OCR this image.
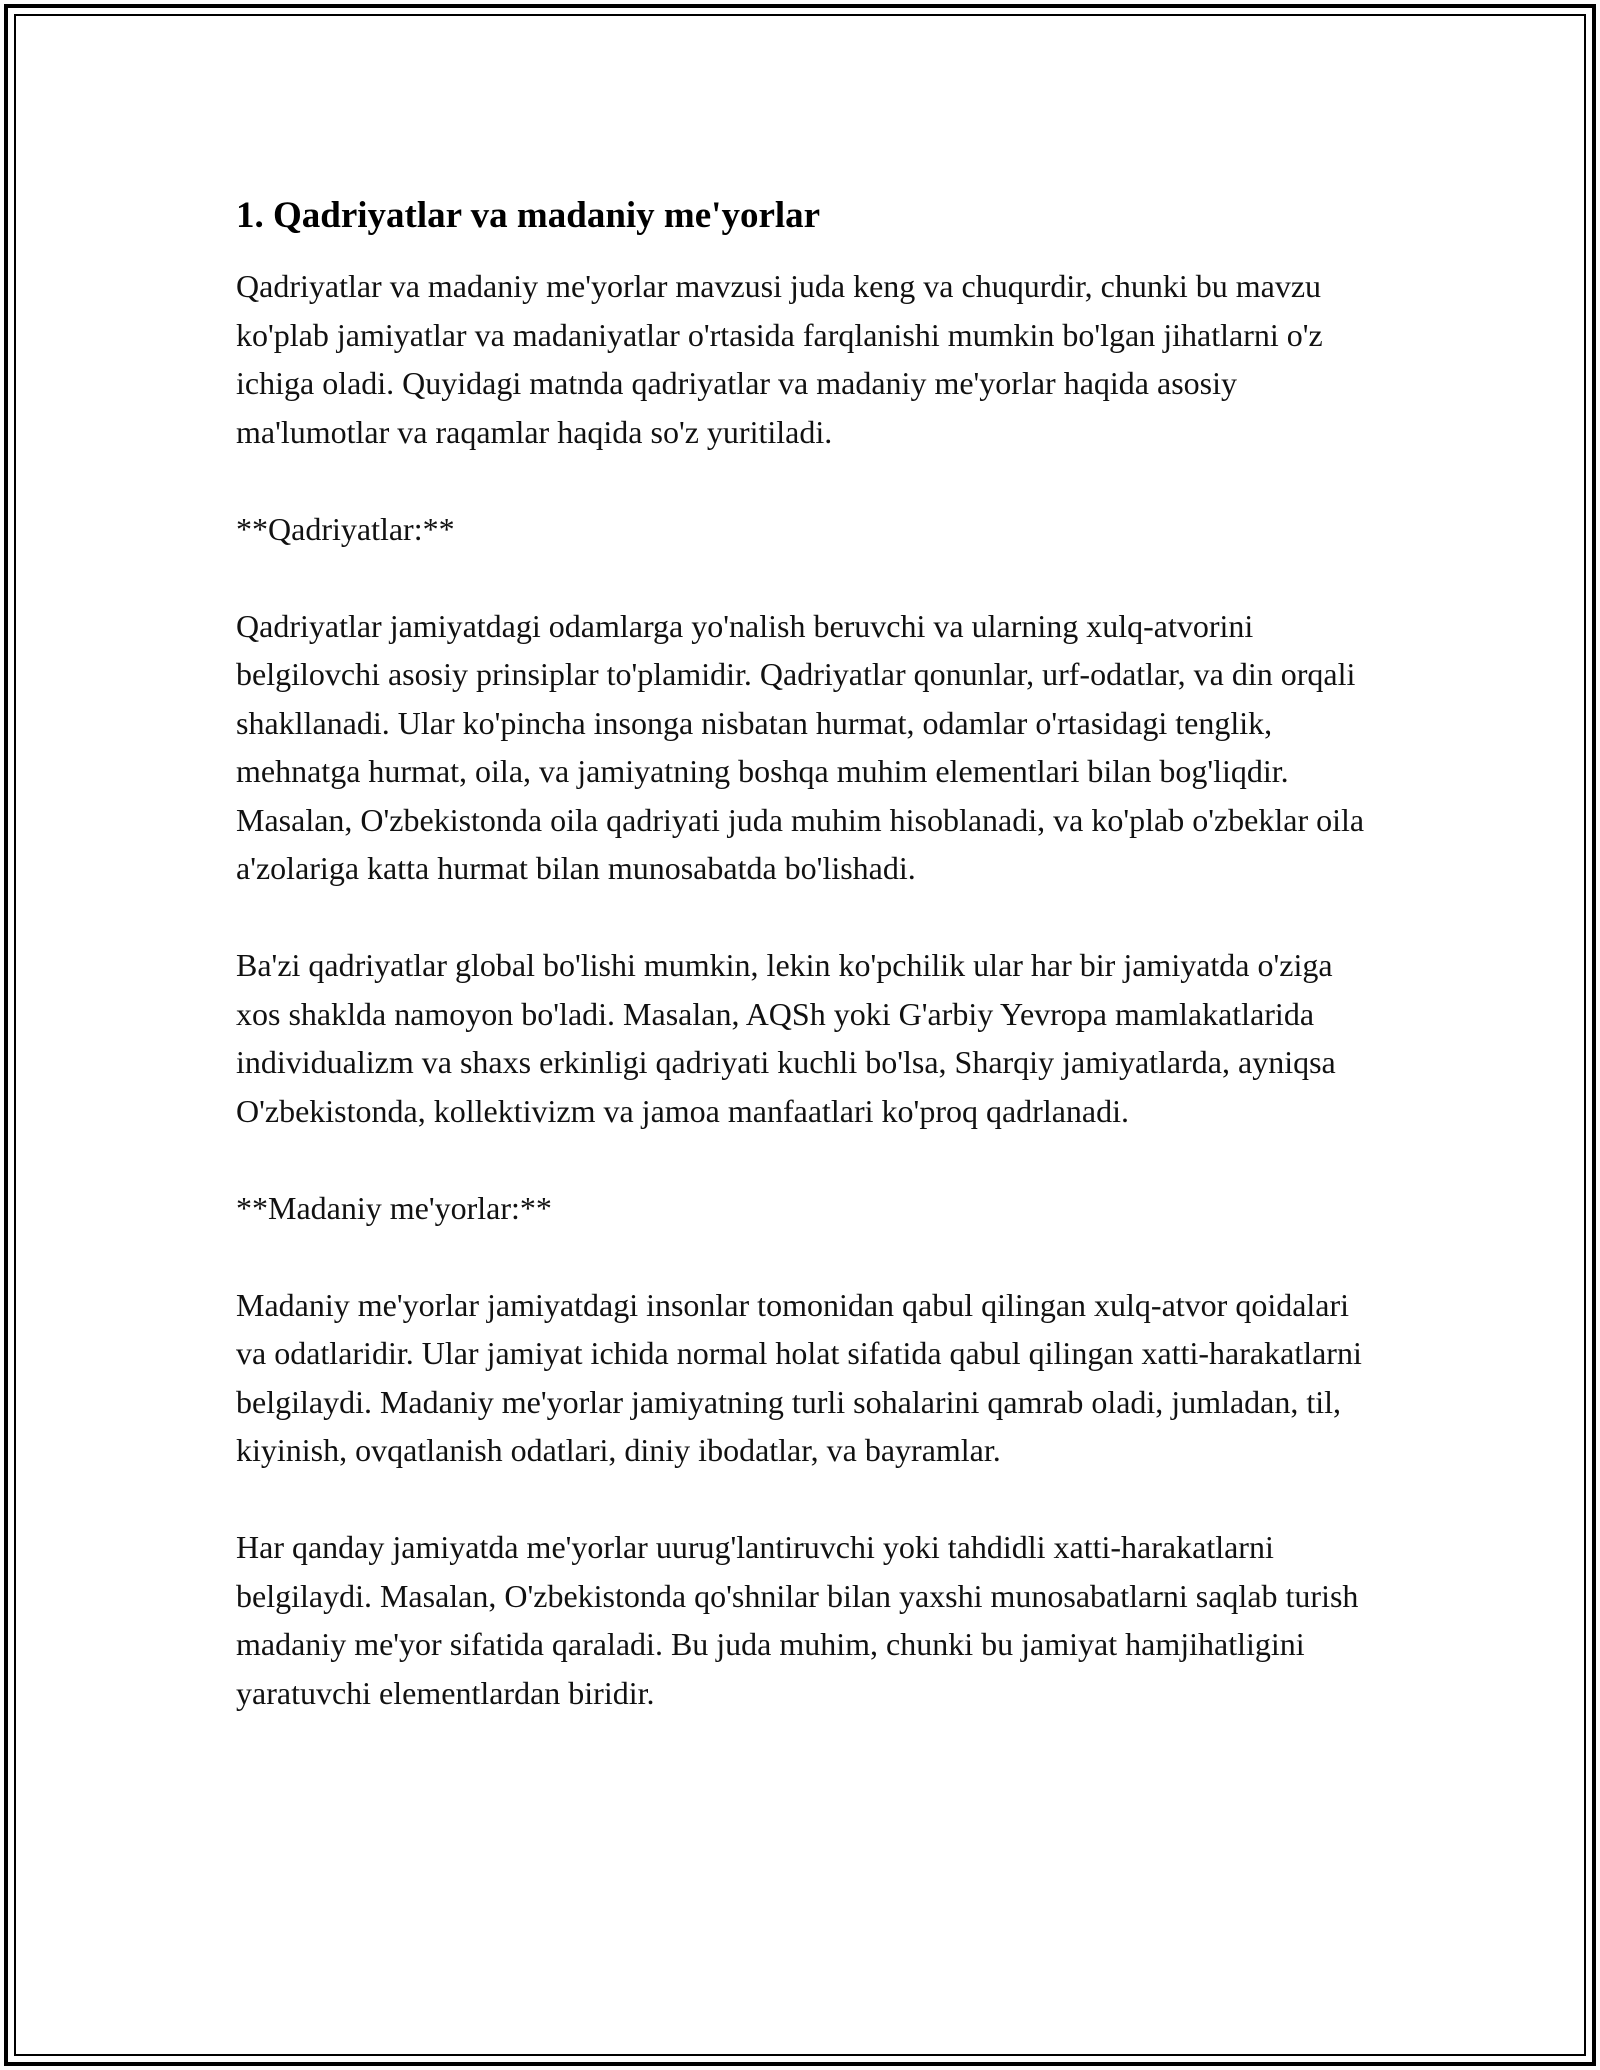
1. Qadriyatlar va madaniy me'yorlar

Qadriyatlar va madaniy me'yorlar mavzusi juda keng va chuqurdir, chunki bu mavzu ko'plab jamiyatlar va madaniyatlar o'rtasida farqlanishi mumkin bo'lgan jihatlarni o'z ichiga oladi. Quyidagi matnda qadriyatlar va madaniy me'yorlar haqida asosiy ma'lumotlar va raqamlar haqida so'z yuritiladi.

**Qadriyatlar:**

Qadriyatlar jamiyatdagi odamlarga yo'nalish beruvchi va ularning xulq-atvorini belgilovchi asosiy prinsiplar to'plamidir. Qadriyatlar qonunlar, urf-odatlar, va din orqali shakllanadi. Ular ko'pincha insonga nisbatan hurmat, odamlar o'rtasidagi tenglik, mehnatga hurmat, oila, va jamiyatning boshqa muhim elementlari bilan bog'liqdir. Masalan, O'zbekistonda oila qadriyati juda muhim hisoblanadi, va ko'plab o'zbeklar oila a'zolariga katta hurmat bilan munosabatda bo'lishadi.

Ba'zi qadriyatlar global bo'lishi mumkin, lekin ko'pchilik ular har bir jamiyatda o'ziga xos shaklda namoyon bo'ladi. Masalan, AQSh yoki G'arbiy Yevropa mamlakatlarida individualizm va shaxs erkinligi qadriyati kuchli bo'lsa, Sharqiy jamiyatlarda, ayniqsa O'zbekistonda, kollektivizm va jamoa manfaatlari ko'proq qadrlanadi.

**Madaniy me'yorlar:**

Madaniy me'yorlar jamiyatdagi insonlar tomonidan qabul qilingan xulq-atvor qoidalari va odatlaridir. Ular jamiyat ichida normal holat sifatida qabul qilingan xatti-harakatlarni belgilaydi. Madaniy me'yorlar jamiyatning turli sohalarini qamrab oladi, jumladan, til, kiyinish, ovqatlanish odatlari, diniy ibodatlar, va bayramlar.

Har qanday jamiyatda me'yorlar uurug'lantiruvchi yoki tahdidli xatti-harakatlarni belgilaydi. Masalan, O'zbekistonda qo'shnilar bilan yaxshi munosabatlarni saqlab turish madaniy me'yor sifatida qaraladi. Bu juda muhim, chunki bu jamiyat hamjihatligini yaratuvchi elementlardan biridir.
